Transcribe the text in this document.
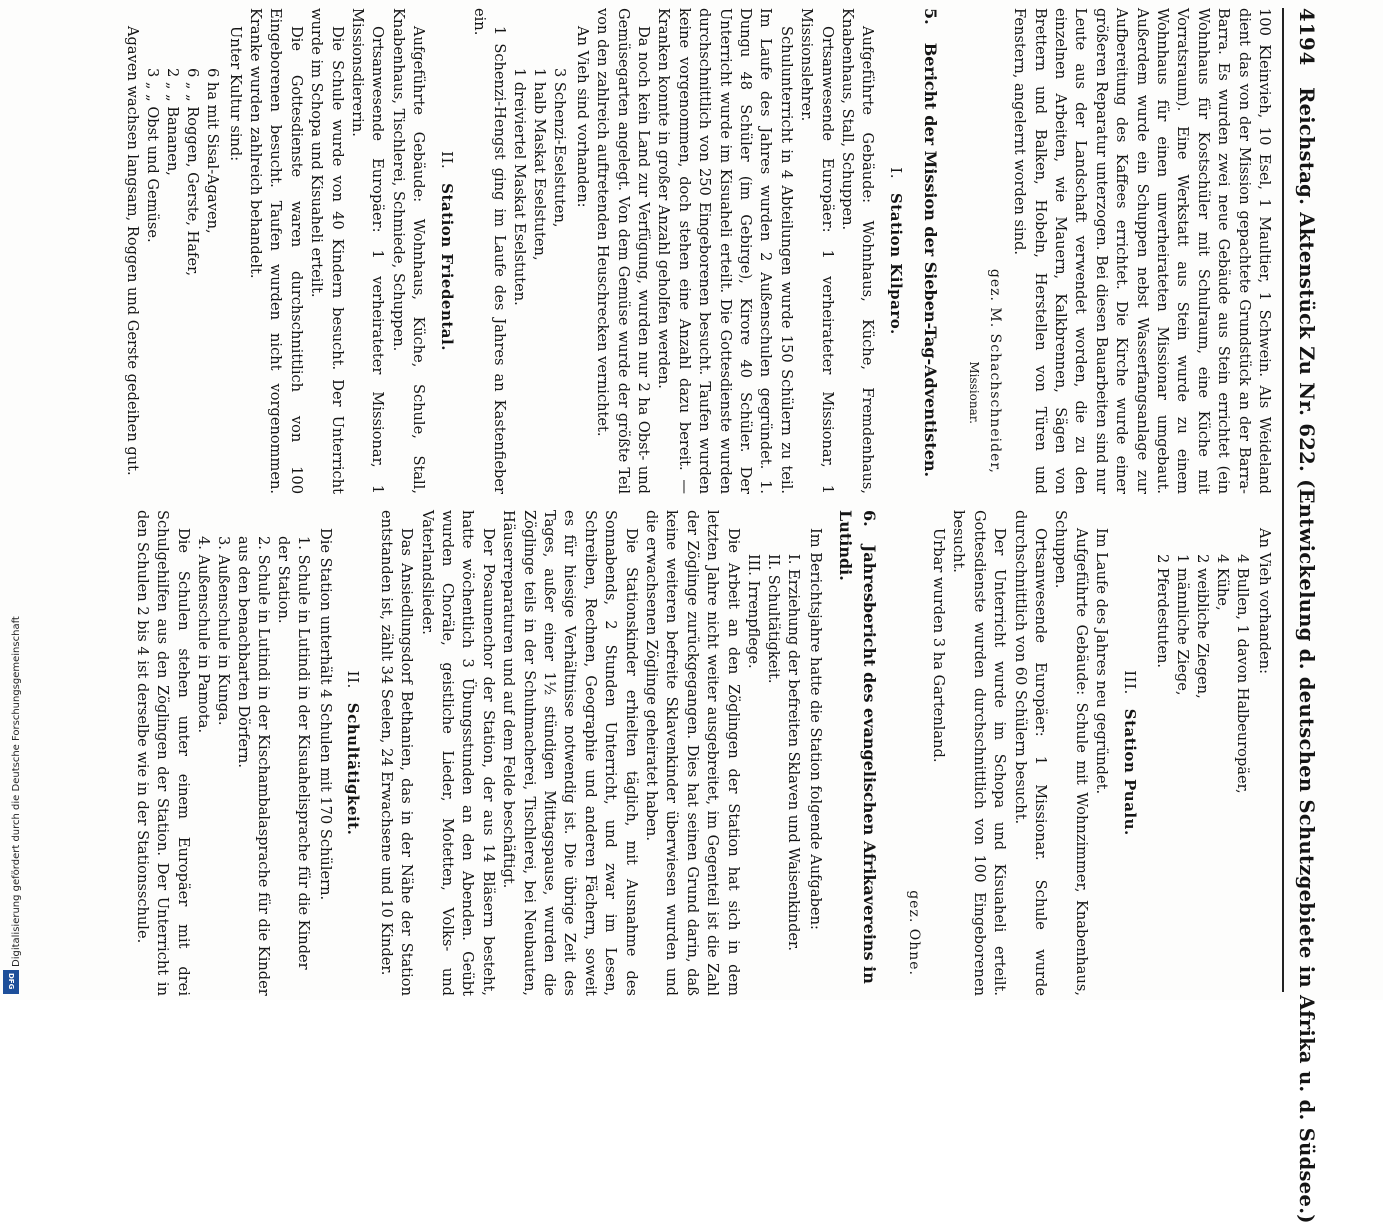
Digitalisierung gefördert durch die Deutsche Forschungsgemeinschaft
DFG
4194 Reichstag. Aktenstück Zu Nr. 622. (Entwickelung d. deutschen Schutzgebiete in Afrika u. d. Südsee.)

100 Kleinvieh, 10 Esel, 1 Maultier, 1 Schwein. Als Weideland dient das von der Mission gepachtete Grundstück an der Barra-Barra. Es wurden zwei neue Gebäude aus Stein errichtet (ein Wohnhaus für Kostschüler mit Schulraum, eine Küche mit Vorratsraum). Eine Werkstatt aus Stein wurde zu einem Wohnhaus für einen unverheirateten Missionar umgebaut. Außerdem wurde ein Schuppen nebst Wasserfangsanlage zur Aufbereitung des Kaffees errichtet. Die Kirche wurde einer größeren Reparatur unterzogen. Bei diesen Bauarbeiten sind nur Leute aus der Landschaft verwendet worden, die zu den einzelnen Arbeiten, wie Mauern, Kalkbrennen, Sägen von Brettern und Balken, Hobeln, Herstellen von Türen und Fenstern, angelernt worden sind.

gez. M. Schachschneider,
Missionar.
5.Bericht der Mission der Sieben-Tag-Adventisten.
I.Station Kilparo.

Aufgeführte Gebäude: Wohnhaus, Küche, Fremdenhaus, Knabenhaus, Stall, Schuppen.

Ortsanwesende Europäer: 1 verheirateter Missionar, 1 Missionslehrer.

Schulunterricht in 4 Abteilungen wurde 150 Schülern zu teil. Im Laufe des Jahres wurden 2 Außenschulen gegründet. 1. Dungu 48 Schüler (im Gebirge), Kirore 40 Schüler. Der Unterricht wurde im Kisuaheli erteilt. Die Gottesdienste wurden durchschnittlich von 250 Eingeborenen besucht. Taufen wurden keine vorgenommen, doch stehen eine Anzahl dazu bereit. — Kranken konnte in großer Anzahl geholfen werden.

Da noch kein Land zur Verfügung, wurden nur 2 ha Obst- und Gemüsegarten angelegt. Von dem Gemüse wurde der größte Teil von den zahlreich auftretenden Heuschrecken vernichtet.

An Vieh sind vorhanden:

3 Schenzi-Eselstuten,
1 halb Maskat Eselstuten,
1 dreiviertel Maskat Eselstuten.

1 Schenzi-Hengst ging im Laufe des Jahres an Kastenfieber ein.

II.Station Friedental.

Aufgeführte Gebäude: Wohnhaus, Küche, Schule, Stall, Knabenhaus, Tischlerei, Schmiede, Schuppen.

Ortsanwesende Europäer: 1 verheirateter Missionar, 1 Missionsdiererin.

Die Schule wurde von 40 Kindern besucht. Der Unterricht wurde im Schopa und Kisuaheli erteilt.

Die Gottesdienste waren durchschnittlich von 100 Eingeborenen besucht. Taufen wurden nicht vorgenommen. Kranke wurden zahlreich behandelt.

Unter Kultur sind:

6 ha mit Sisal-Agaven,
6 „ „ Roggen, Gerste, Hafer,
2 „ „ Bananen,
3 „ „ Obst und Gemüse.

Agaven wachsen langsam, Roggen und Gerste gedeihen gut.

An Vieh vorhanden:

4 Bullen, 1 davon Halbeuropäer,
4 Kühe,
2 weibliche Ziegen,
1 männliche Ziege,
2 Pferdestuten.
III.Station Pualu.

Im Laufe des Jahres neu gegründet.

Aufgeführte Gebäude: Schule mit Wohnzimmer, Knabenhaus, Schuppen.

Ortsanwesende Europäer: 1 Missionar. Schule wurde durchschnittlich von 60 Schülern besucht.

Der Unterricht wurde im Schopa und Kisuaheli erteilt. Gottesdienste wurden durchschnittlich von 100 Eingeborenen besucht.

Urbar wurden 3 ha Gartenland.

gez. Ohne.
6.Jahresbericht des evangelischen Afrikavereins in Lutindi.

Im Berichtsjahre hatte die Station folgende Aufgaben:

I. Erziehung der befreiten Sklaven und Waisenkinder.
II. Schultätigkeit.
III. Irrenpflege.

Die Arbeit an den Zöglingen der Station hat sich in dem letzten Jahre nicht weiter ausgebreitet, im Gegenteil ist die Zahl der Zöglinge zurückgegangen. Dies hat seinen Grund darin, daß keine weiteren befreite Sklavenkinder überwiesen wurden und die erwachsenen Zöglinge geheiratet haben.

Die Stationskinder erhielten täglich, mit Ausnahme des Sonnabends, 2 Stunden Unterricht, und zwar im Lesen, Schreiben, Rechnen, Geographie und anderen Fächern, soweit es für hiesige Verhältnisse notwendig ist. Die übrige Zeit des Tages, außer einer 1½ stündigen Mittagspause, wurden die Zöglinge teils in der Schuhmacherei, Tischlerei, bei Neubauten, Häuserreparaturen und auf dem Felde beschäftigt.

Der Posaunenchor der Station, der aus 14 Bläsern besteht, hatte wöchentlich 3 Übungsstunden an den Abenden. Geübt wurden Choräle, geistliche Lieder, Motetten, Volks- und Vaterlandslieder.

Das Ansiedlungsdorf Bethanien, das in der Nähe der Station entstanden ist, zählt 34 Seelen, 24 Erwachsene und 10 Kinder.

II.Schultätigkeit.

Die Station unterhält 4 Schulen mit 170 Schülern.

1. Schule in Lutindi in der Kisuahelisprache für die Kinder der Station.
2. Schule in Lutindi in der Kischambalasprache für die Kinder aus den benachbarten Dörfern.
3. Außenschule in Kunga.
4. Außenschule in Pamota.

Die Schulen stehen unter einem Europäer mit drei Schulgehilfen aus den Zöglingen der Station. Der Unterricht in den Schulen 2 bis 4 ist derselbe wie in der Stationsschule.
